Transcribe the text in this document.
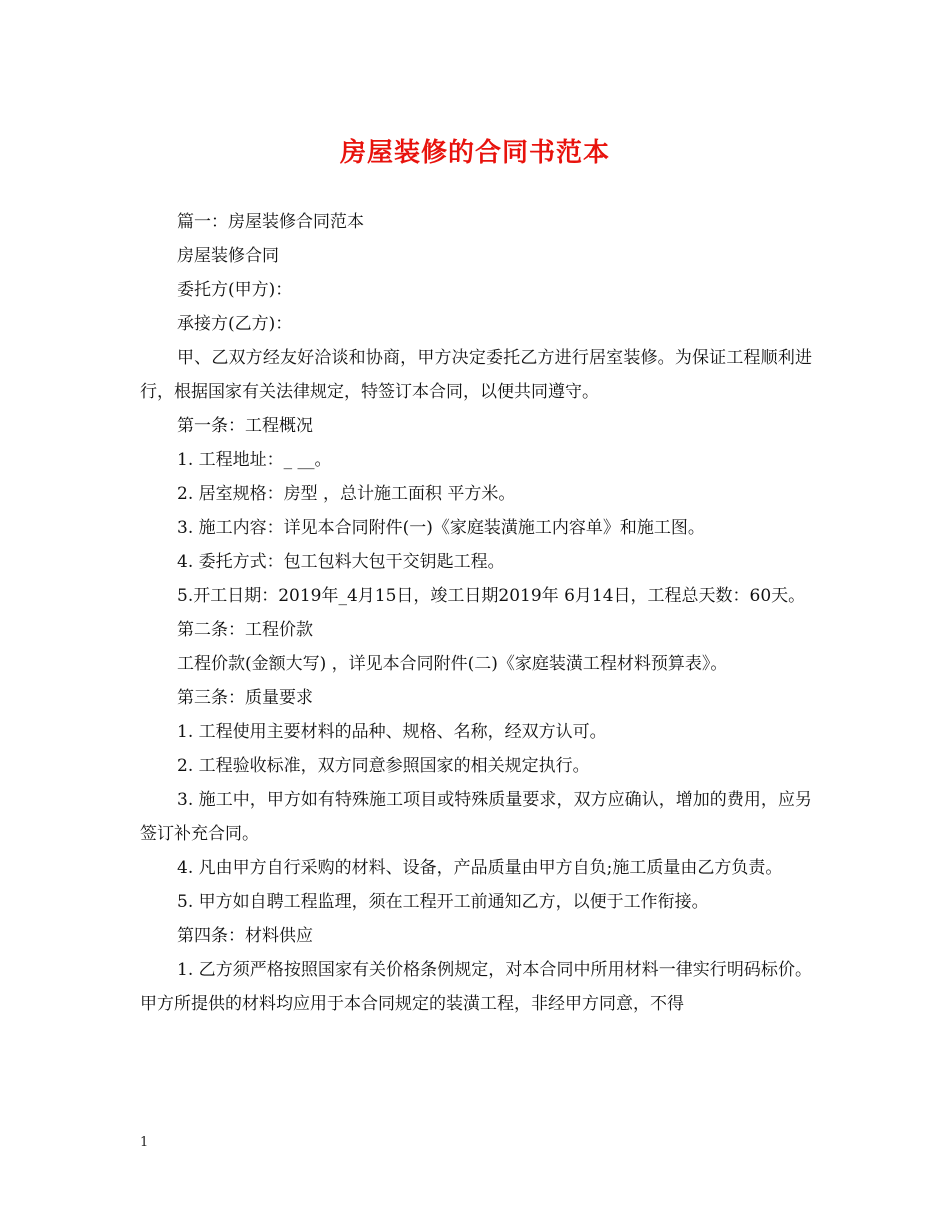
房屋装修的合同书范本

篇一：房屋装修合同范本

房屋装修合同

委托方(甲方)：

承接方(乙方)：

甲、乙双方经友好洽谈和协商，甲方决定委托乙方进行居室装修。为保证工程顺利进行，根据国家有关法律规定，特签订本合同，以便共同遵守。

第一条：工程概况

1. 工程地址：_ __。

2. 居室规格：房型 ，总计施工面积 平方米。

3. 施工内容：详见本合同附件(一)《家庭装潢施工内容单》和施工图。

4. 委托方式：包工包料大包干交钥匙工程。

5.开工日期：2019年_4月15日，竣工日期2019年 6月14日，工程总天数：60天。

第二条：工程价款

工程价款(金额大写) ，详见本合同附件(二)《家庭装潢工程材料预算表》。

第三条：质量要求

1. 工程使用主要材料的品种、规格、名称，经双方认可。

2. 工程验收标准，双方同意参照国家的相关规定执行。

3. 施工中，甲方如有特殊施工项目或特殊质量要求，双方应确认，增加的费用，应另签订补充合同。

4. 凡由甲方自行采购的材料、设备，产品质量由甲方自负;施工质量由乙方负责。

5. 甲方如自聘工程监理，须在工程开工前通知乙方，以便于工作衔接。

第四条：材料供应

1. 乙方须严格按照国家有关价格条例规定，对本合同中所用材料一律实行明码标价。甲方所提供的材料均应用于本合同规定的装潢工程，非经甲方同意，不得

1
